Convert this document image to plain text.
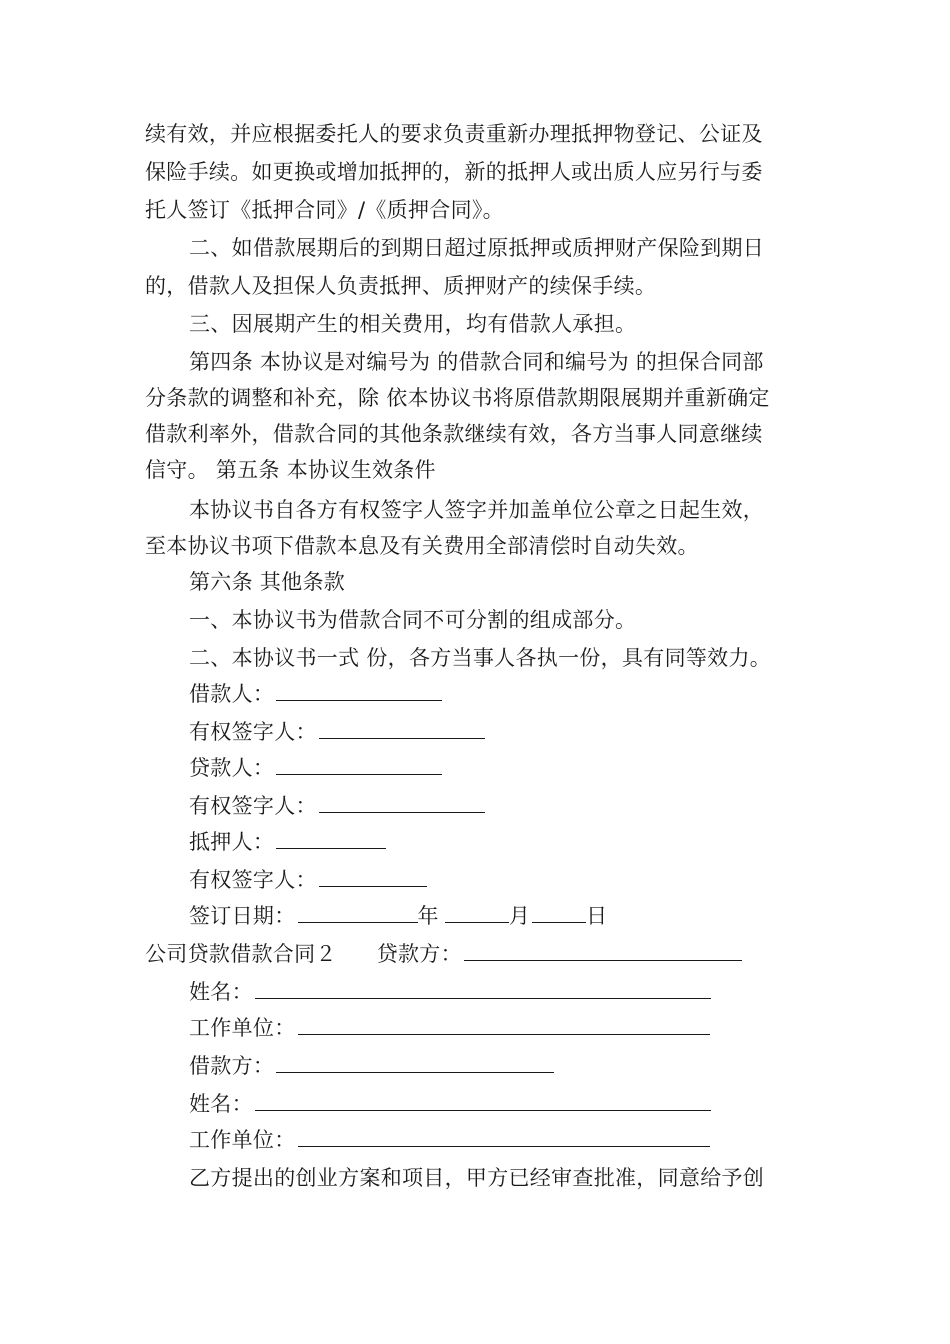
续有效，并应根据委托人的要求负责重新办理抵押物登记、公证及
保险手续。如更换或增加抵押的，新的抵押人或出质人应另行与委
托人签订《抵押合同》/《质押合同》。
二、如借款展期后的到期日超过原抵押或质押财产保险到期日
的，借款人及担保人负责抵押、质押财产的续保手续。
三、因展期产生的相关费用，均有借款人承担。
第四条 本协议是对编号为 的借款合同和编号为 的担保合同部
分条款的调整和补充，除 依本协议书将原借款期限展期并重新确定
借款利率外，借款合同的其他条款继续有效，各方当事人同意继续
信守。 第五条 本协议生效条件
本协议书自各方有权签字人签字并加盖单位公章之日起生效，
至本协议书项下借款本息及有关费用全部清偿时自动失效。
第六条 其他条款
一、本协议书为借款合同不可分割的组成部分。
二、本协议书一式 份，各方当事人各执一份，具有同等效力。
借款人：
有权签字人：
贷款人：
有权签字人：
抵押人：
有权签字人：
签订日期：	年	月	日
公司贷款借款合同２ 贷款方：
姓名：
工作单位：
借款方：
姓名：
工作单位：
乙方提出的创业方案和项目，甲方已经审查批准，同意给予创
